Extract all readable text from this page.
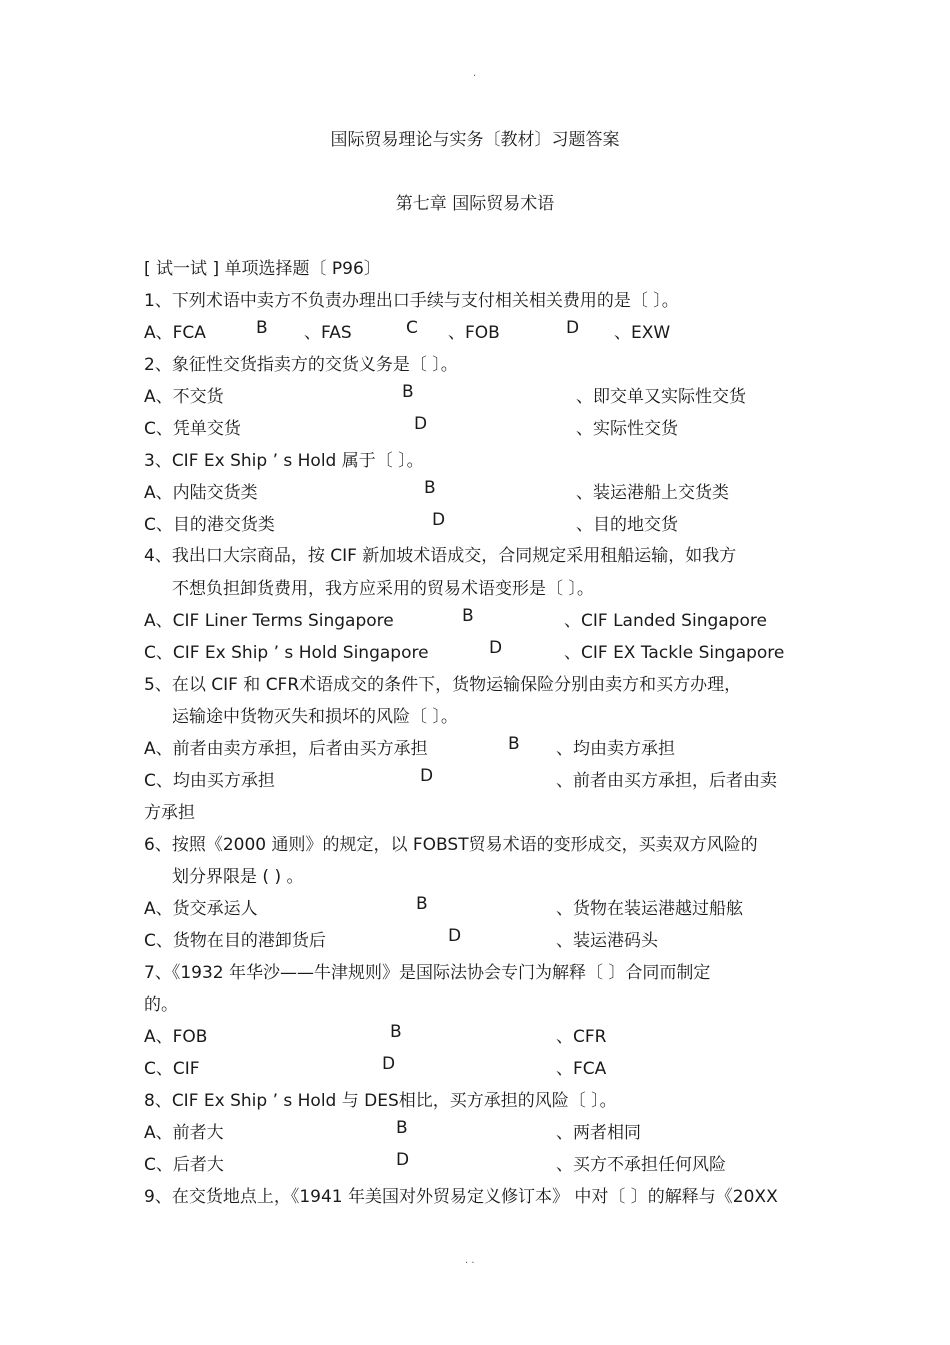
.
国际贸易理论与实务〔教材〕习题答案
第七章 国际贸易术语
[ 试一试 ] 单项选择题〔 P96〕
1、下列术语中卖方不负责办理出口手续与支付相关相关费用的是〔 〕。
A、FCA	B 、FAS	C 、FOB	D 、EXW
2、象征性交货指卖方的交货义务是〔 〕。
A、不交货	B	、即交单又实际性交货
C、凭单交货	D	、实际性交货
3、CIF Ex Ship ’ s Hold 属于〔 〕。
A、内陆交货类	B	、装运港船上交货类
C、目的港交货类	D	、目的地交货
4、我出口大宗商品，按 CIF 新加坡术语成交，合同规定采用租船运输，如我方
不想负担卸货费用，我方应采用的贸易术语变形是〔 〕。
A、CIF Liner Terms Singapore	B	、CIF Landed Singapore
C、CIF Ex Ship ’ s Hold Singapore	D	、CIF EX Tackle Singapore
5、在以 CIF 和 CFR术语成交的条件下，货物运输保险分别由卖方和买方办理，
运输途中货物灭失和损坏的风险〔 〕。
A、前者由卖方承担，后者由买方承担	B 、均由卖方承担
C、均由买方承担	D	、前者由买方承担，后者由卖
方承担
6、按照《2000 通则》的规定，以 FOBST贸易术语的变形成交，买卖双方风险的
划分界限是 ( ) 。
A、货交承运人	B	、货物在装运港越过船舷
C、货物在目的港卸货后	D	、装运港码头
7、《1932 年华沙——牛津规则》是国际法协会专门为解释〔 〕合同而制定
的。
A、FOB	B	、CFR
C、CIF	D	、FCA
8、CIF Ex Ship ’ s Hold 与 DES相比，买方承担的风险〔 〕。
A、前者大	B	、两者相同
C、后者大	D	、买方不承担任何风险
9、在交货地点上，《1941 年美国对外贸易定义修订本》 中对〔 〕的解释与《20XX
. .
